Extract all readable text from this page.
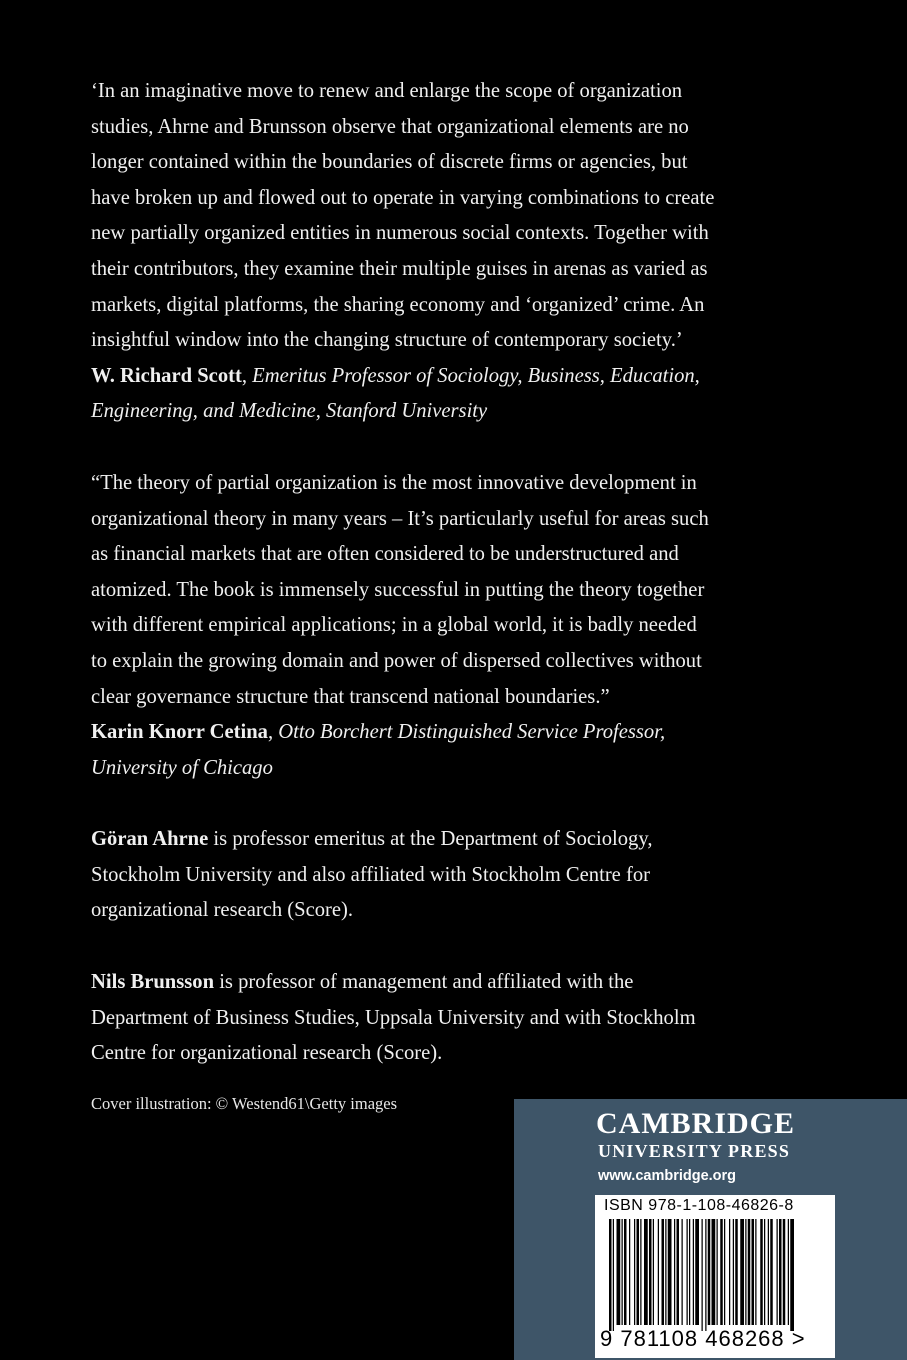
‘In an imaginative move to renew and enlarge the scope of organization

studies, Ahrne and Brunsson observe that organizational elements are no

longer contained within the boundaries of discrete firms or agencies, but

have broken up and flowed out to operate in varying combinations to create

new partially organized entities in numerous social contexts. Together with

their contributors, they examine their multiple guises in arenas as varied as

markets, digital platforms, the sharing economy and ‘organized’ crime. An

insightful window into the changing structure of contemporary society.’

W. Richard Scott, Emeritus Professor of Sociology, Business, Education,

Engineering, and Medicine, Stanford University

“The theory of partial organization is the most innovative development in

organizational theory in many years – It’s particularly useful for areas such

as financial markets that are often considered to be understructured and

atomized. The book is immensely successful in putting the theory together

with different empirical applications; in a global world, it is badly needed

to explain the growing domain and power of dispersed collectives without

clear governance structure that transcend national boundaries.”

Karin Knorr Cetina, Otto Borchert Distinguished Service Professor,

University of Chicago

Göran Ahrne is professor emeritus at the Department of Sociology,

Stockholm University and also affiliated with Stockholm Centre for

organizational research (Score).

Nils Brunsson is professor of management and affiliated with the

Department of Business Studies, Uppsala University and with Stockholm

Centre for organizational research (Score).

Cover illustration: © Westend61\Getty images
CAMBRIDGE
UNIVERSITY PRESS
www.cambridge.org
ISBN 978-1-108-46826-8
9 781108 468268 >
